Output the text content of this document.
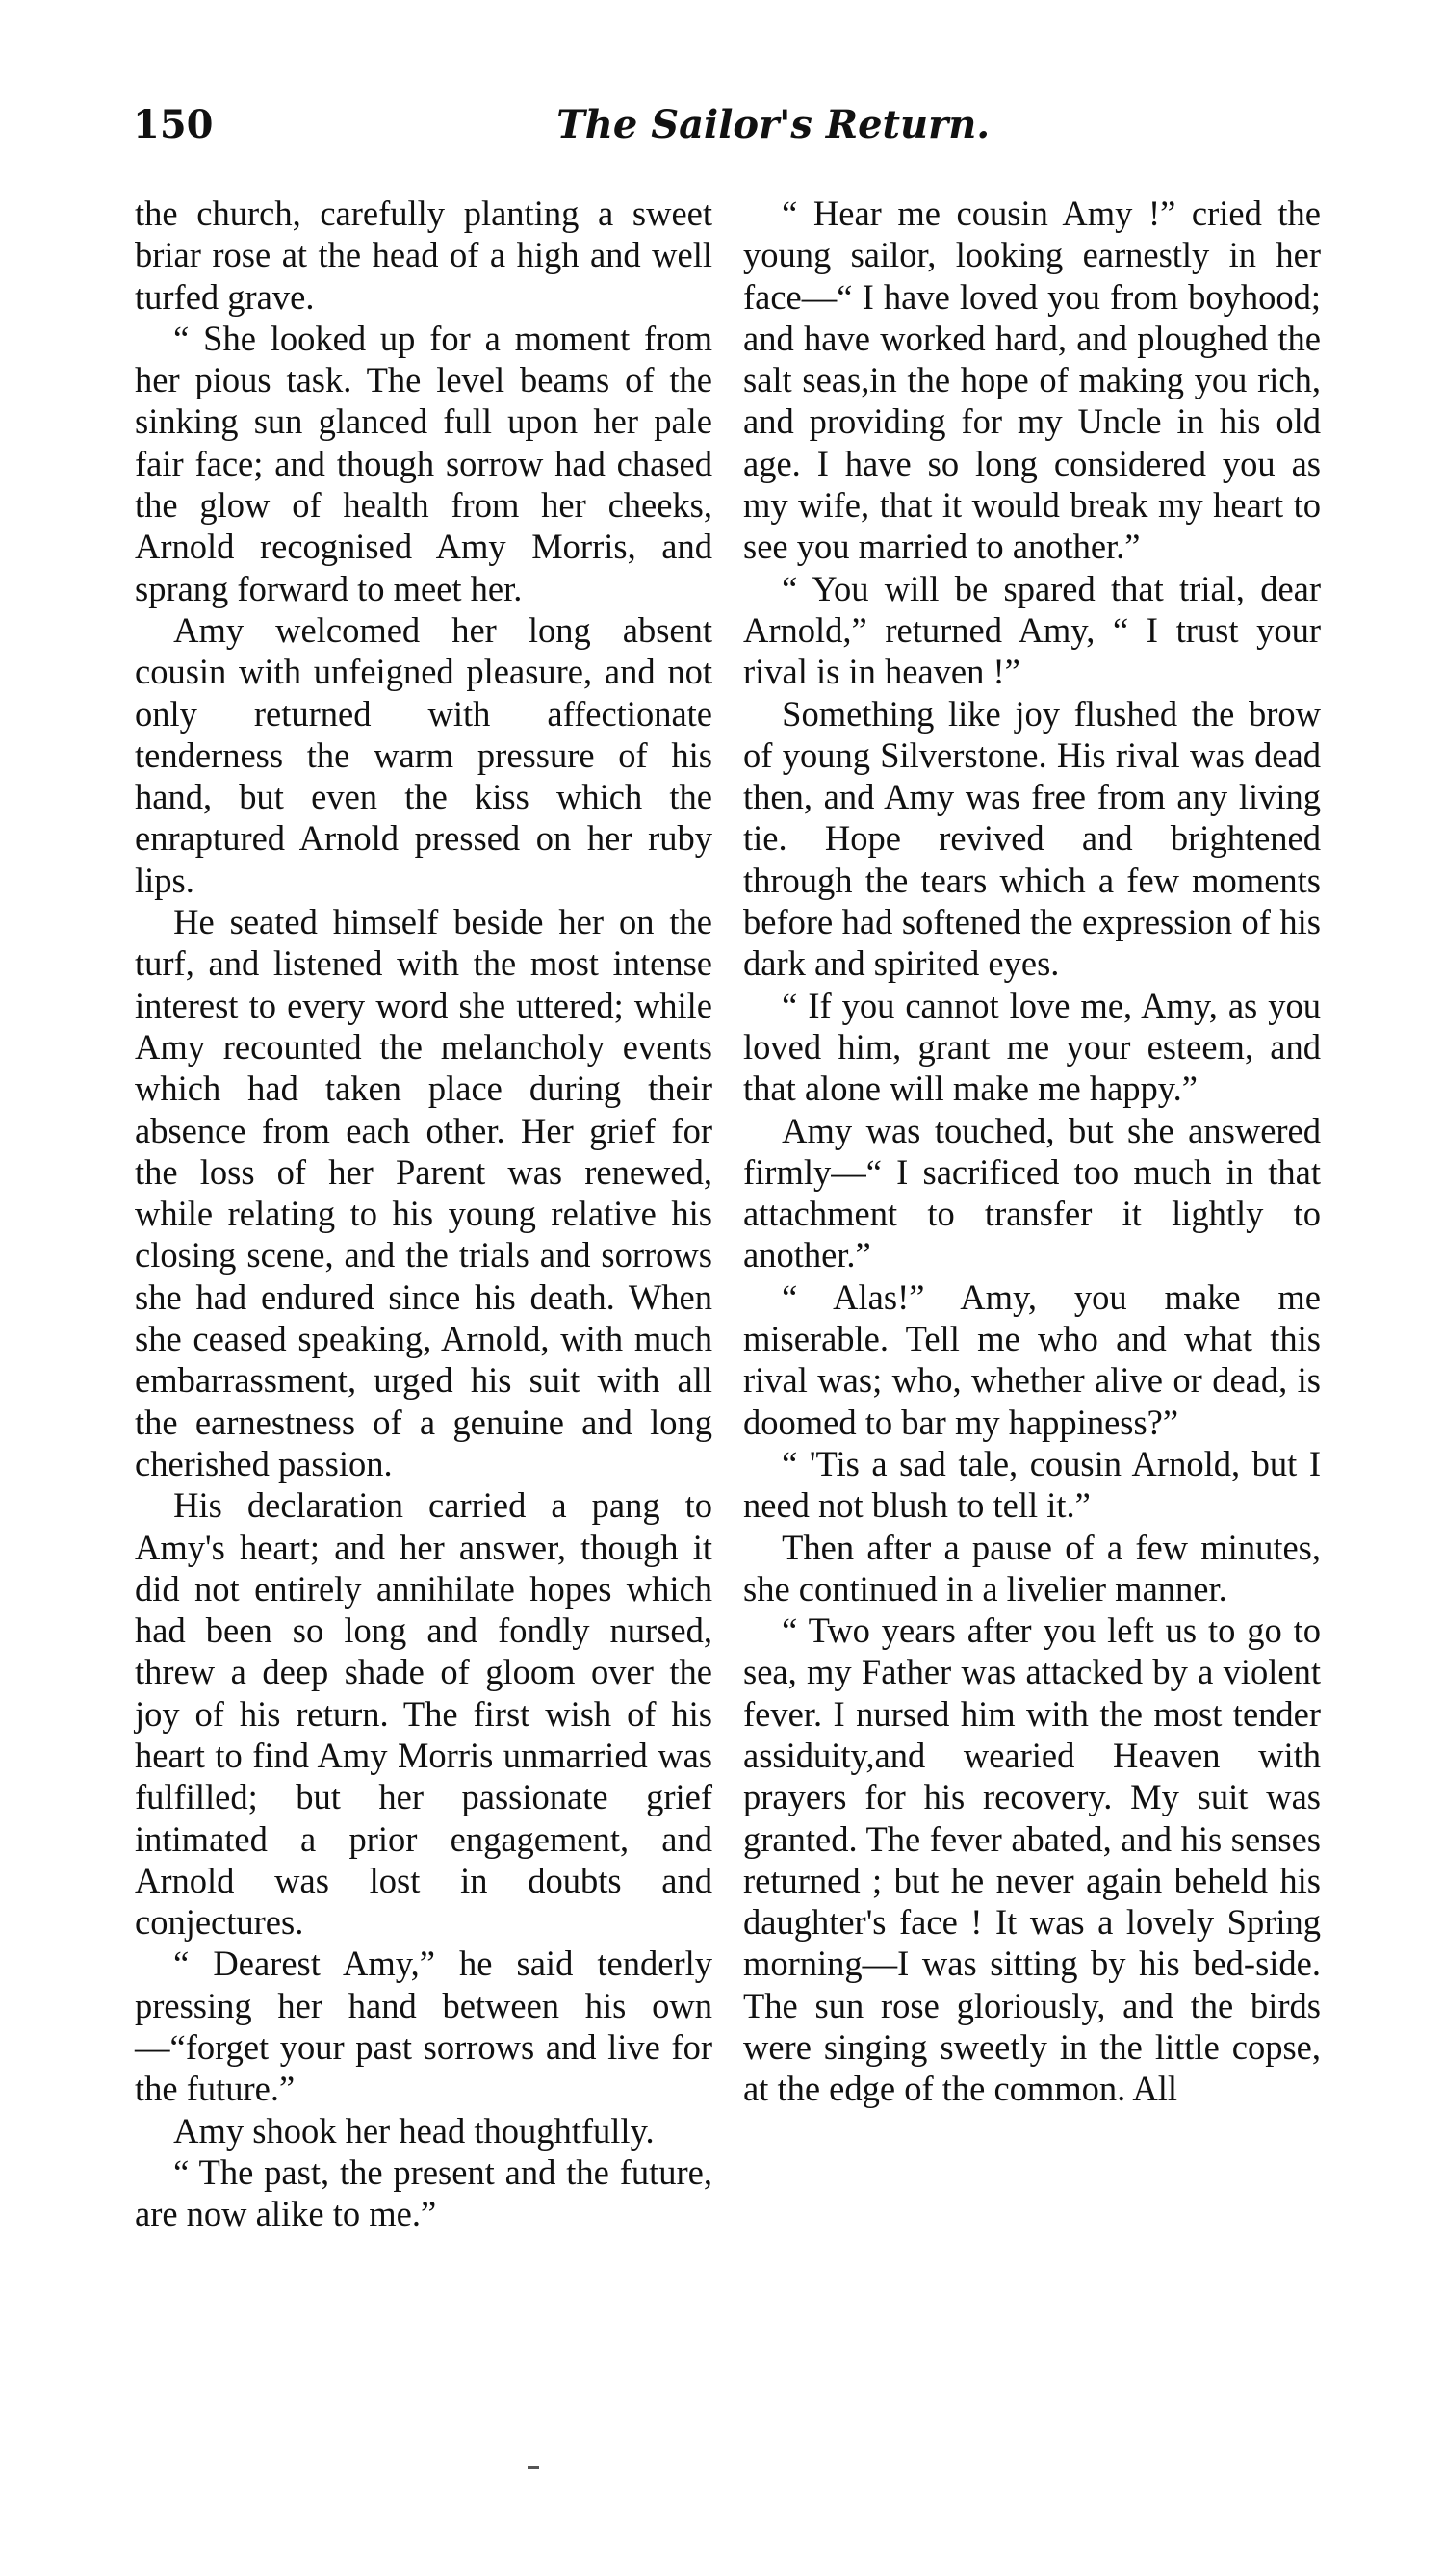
150	The Sailor's Return.

the church, carefully planting a sweet briar rose at the head of a high and well turfed grave.

“ She looked up for a moment from her pious task. The level beams of the sinking sun glanced full upon her pale fair face; and though sorrow had chased the glow of health from her cheeks, Arnold recognised Amy Morris, and sprang forward to meet her.

Amy welcomed her long absent cousin with unfeigned pleasure, and not only returned with affectionate tenderness the warm pressure of his hand, but even the kiss which the enraptured Arnold pressed on her ruby lips.

He seated himself beside her on the turf, and listened with the most intense interest to every word she uttered; while Amy recounted the melancholy events which had taken place during their absence from each other. Her grief for the loss of her Parent was renewed, while relating to his young relative his closing scene, and the trials and sorrows she had endured since his death. When she ceased speaking, Arnold, with much embarrassment, urged his suit with all the earnestness of a genuine and long cherished passion.

His declaration carried a pang to Amy's heart; and her answer, though it did not entirely annihilate hopes which had been so long and fondly nursed, threw a deep shade of gloom over the joy of his return. The first wish of his heart to find Amy Morris unmarried was fulfilled; but her passionate grief intimated a prior engagement, and Arnold was lost in doubts and conjectures.

“ Dearest Amy,” he said tenderly pressing her hand between his own—“forget your past sorrows and live for the future.”

Amy shook her head thoughtfully.

“ The past, the present and the future, are now alike to me.”

“ Hear me cousin Amy !” cried the young sailor, looking earnestly in her face—“ I have loved you from boyhood; and have worked hard, and ploughed the salt seas,in the hope of making you rich, and providing for my Uncle in his old age. I have so long considered you as my wife, that it would break my heart to see you married to another.”

“ You will be spared that trial, dear Arnold,” returned Amy, “ I trust your rival is in heaven !”

Something like joy flushed the brow of young Silverstone. His rival was dead then, and Amy was free from any living tie. Hope revived and brightened through the tears which a few moments before had softened the expression of his dark and spirited eyes.

“ If you cannot love me, Amy, as you loved him, grant me your esteem, and that alone will make me happy.”

Amy was touched, but she answered firmly—“ I sacrificed too much in that attachment to transfer it lightly to another.”

“ Alas!” Amy, you make me miserable. Tell me who and what this rival was; who, whether alive or dead, is doomed to bar my happiness?”

“ 'Tis a sad tale, cousin Arnold, but I need not blush to tell it.”

Then after a pause of a few minutes, she continued in a livelier manner.

“ Two years after you left us to go to sea, my Father was attacked by a violent fever. I nursed him with the most tender assiduity,and wearied Heaven with prayers for his recovery. My suit was granted. The fever abated, and his senses returned ; but he never again beheld his daughter's face ! It was a lovely Spring morning—I was sitting by his bed-side. The sun rose gloriously, and the birds were singing sweetly in the little copse, at the edge of the common. All
